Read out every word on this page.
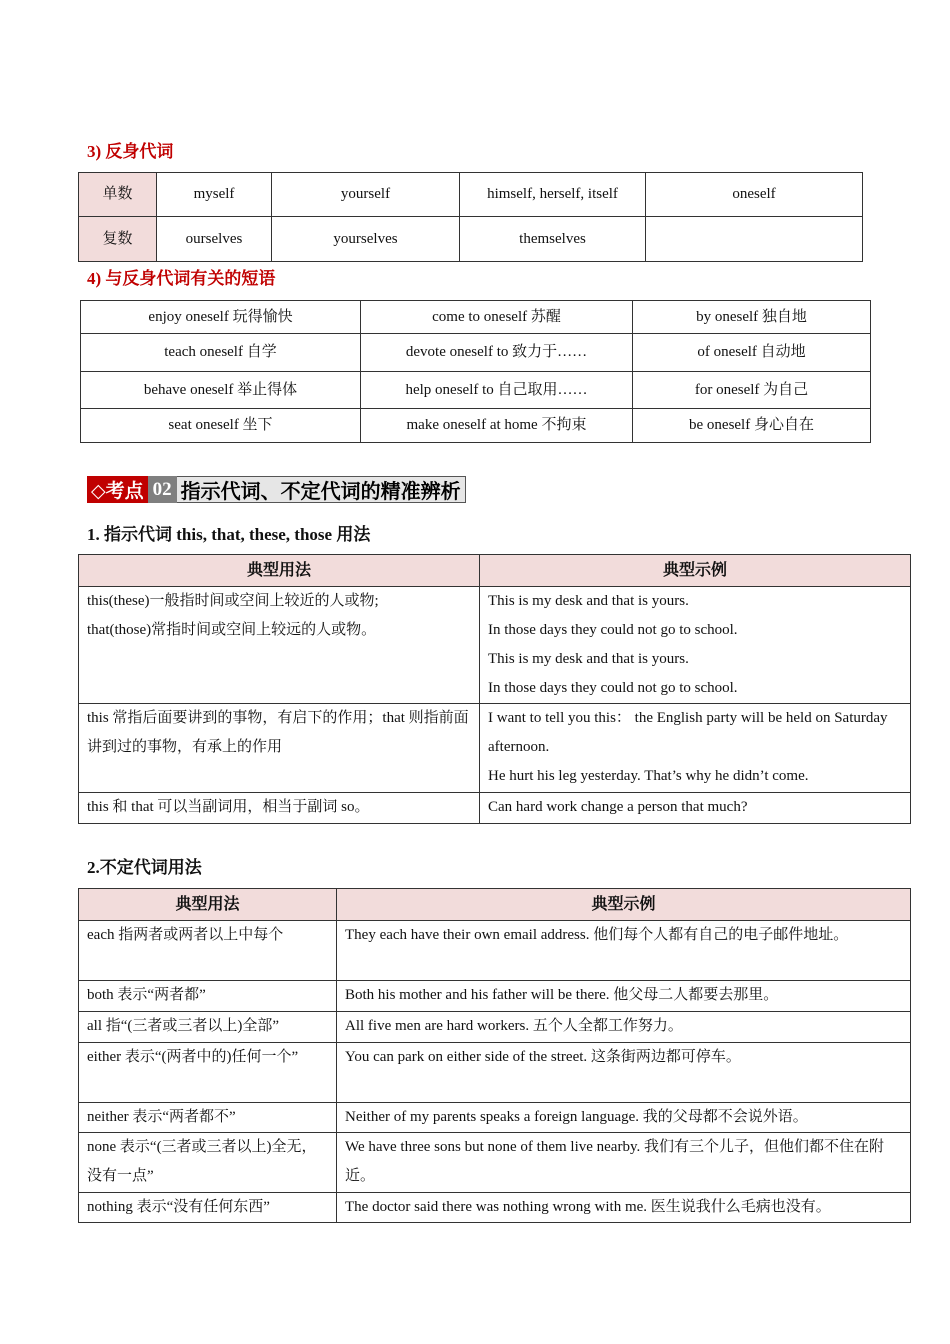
3) 反身代词
单数	myself	yourself	himself, herself, itself	oneself
复数	ourselves	yourselves	themselves	
4) 与反身代词有关的短语
enjoy oneself 玩得愉快	come to oneself 苏醒	by oneself 独自地
teach oneself 自学	devote oneself to 致力于……	of oneself 自动地
behave oneself 举止得体	help oneself to 自己取用……	for oneself 为自己
seat oneself 坐下	make oneself at home 不拘束	be oneself 身心自在
◇考点 02 指示代词、不定代词的精准辨析
1. 指示代词 this, that, these, those 用法
典型用法	典型示例

this(these)一般指时间或空间上较近的人或物;
that(those)常指时间或空间上较远的人或物。	This is my desk and that is yours.
In those days they could not go to school.
This is my desk and that is yours.
In those days they could not go to school.

this 常指后面要讲到的事物，有启下的作用；that 则指前面讲到过的事物，有承上的作用	I want to tell you this： the English party will be held on Saturday afternoon.
He hurt his leg yesterday. That’s why he didn’t come.

this 和 that 可以当副词用，相当于副词 so。	Can hard work change a person that much?
2.不定代词用法
典型用法	典型示例
each 指两者或两者以上中每个	They each have their own email address. 他们每个人都有自己的电子邮件地址。
both 表示“两者都”	Both his mother and his father will be there. 他父母二人都要去那里。
all 指“(三者或三者以上)全部”	All five men are hard workers. 五个人全都工作努力。
either 表示“(两者中的)任何一个”	You can park on either side of the street. 这条街两边都可停车。
neither 表示“两者都不”	Neither of my parents speaks a foreign language. 我的父母都不会说外语。
none 表示“(三者或三者以上)全无，没有一点”	We have three sons but none of them live nearby. 我们有三个儿子，但他们都不住在附近。
nothing 表示“没有任何东西”	The doctor said there was nothing wrong with me. 医生说我什么毛病也没有。
